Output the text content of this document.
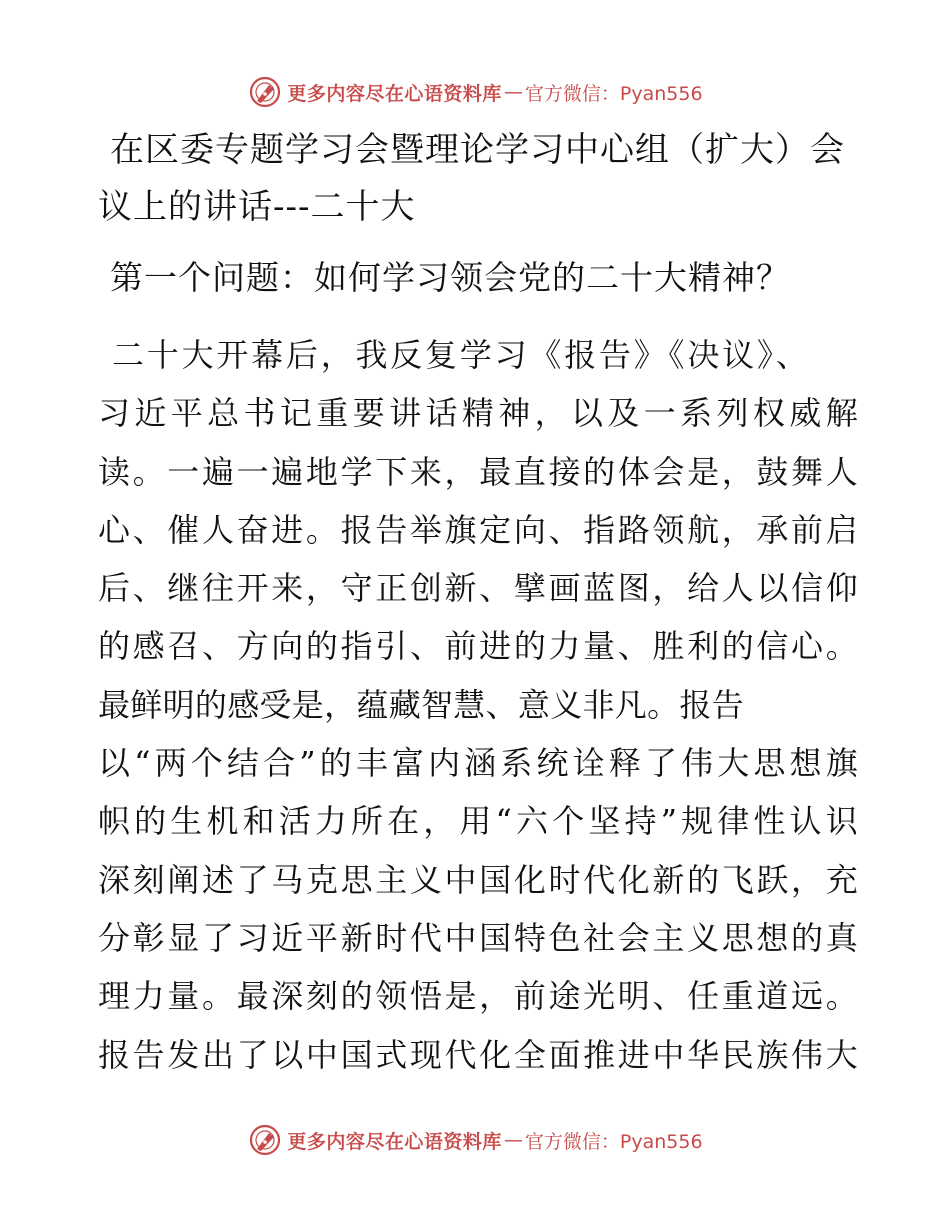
更多内容尽在心语资料库 — 官方微信：Pyan556
在区委专题学习会暨理论学习中心组（扩大）会
议上的讲话---二十大
第一个问题：如何学习领会党的二十大精神？
二十大开幕后，我反复学习《报告》《决议》、
习近平总书记重要讲话精神，以及一系列权威解
读。一遍一遍地学下来，最直接的体会是，鼓舞人
心、催人奋进。报告举旗定向、指路领航，承前启
后、继往开来，守正创新、擘画蓝图，给人以信仰
的感召、方向的指引、前进的力量、胜利的信心。
最鲜明的感受是，蕴藏智慧、意义非凡。报告
以“两个结合”的丰富内涵系统诠释了伟大思想旗
帜的生机和活力所在，用“六个坚持”规律性认识
深刻阐述了马克思主义中国化时代化新的飞跃，充
分彰显了习近平新时代中国特色社会主义思想的真
理力量。最深刻的领悟是，前途光明、任重道远。
报告发出了以中国式现代化全面推进中华民族伟大
更多内容尽在心语资料库 — 官方微信：Pyan556
